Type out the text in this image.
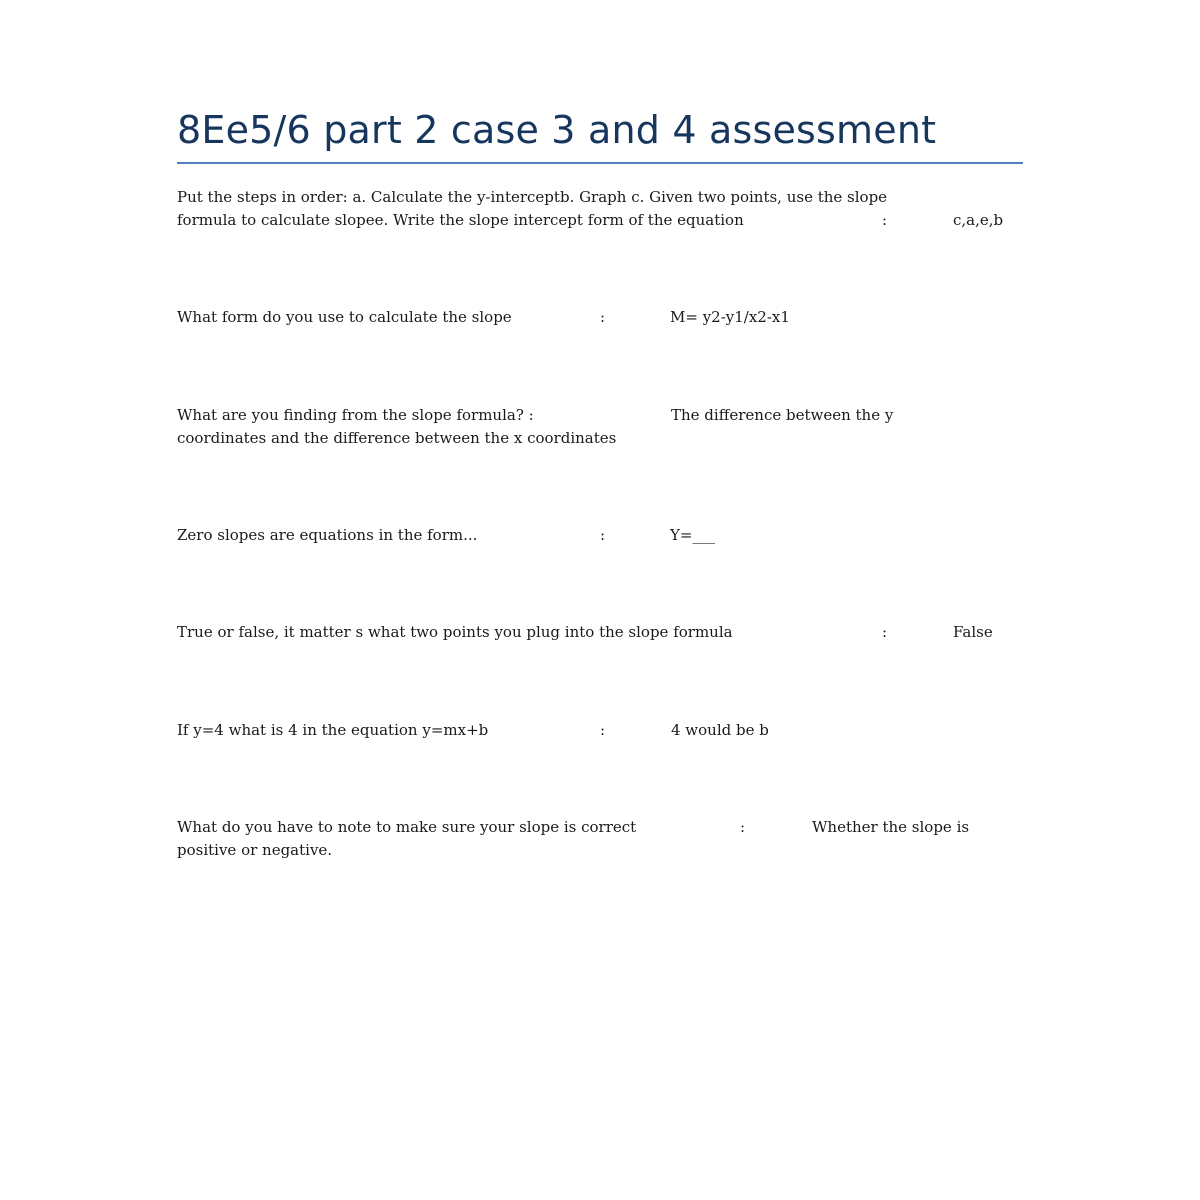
8Ee5/6 part 2 case 3 and 4 assessment
Put the steps in order: a. Calculate the y-interceptb. Graph c. Given two points, use the slope
formula to calculate slopee. Write the slope intercept form of the equation	:	c,a,e,b
What form do you use to calculate the slope	:	M= y2-y1/x2-x1
What are you finding from the slope formula? :	The difference between the y
coordinates and the difference between the x coordinates
Zero slopes are equations in the form...	:	Y=___
True or false, it matter s what two points you plug into the slope formula	:	False
If y=4 what is 4 in the equation y=mx+b	:	4 would be b
What do you have to note to make sure your slope is correct	:	Whether the slope is
positive or negative.
